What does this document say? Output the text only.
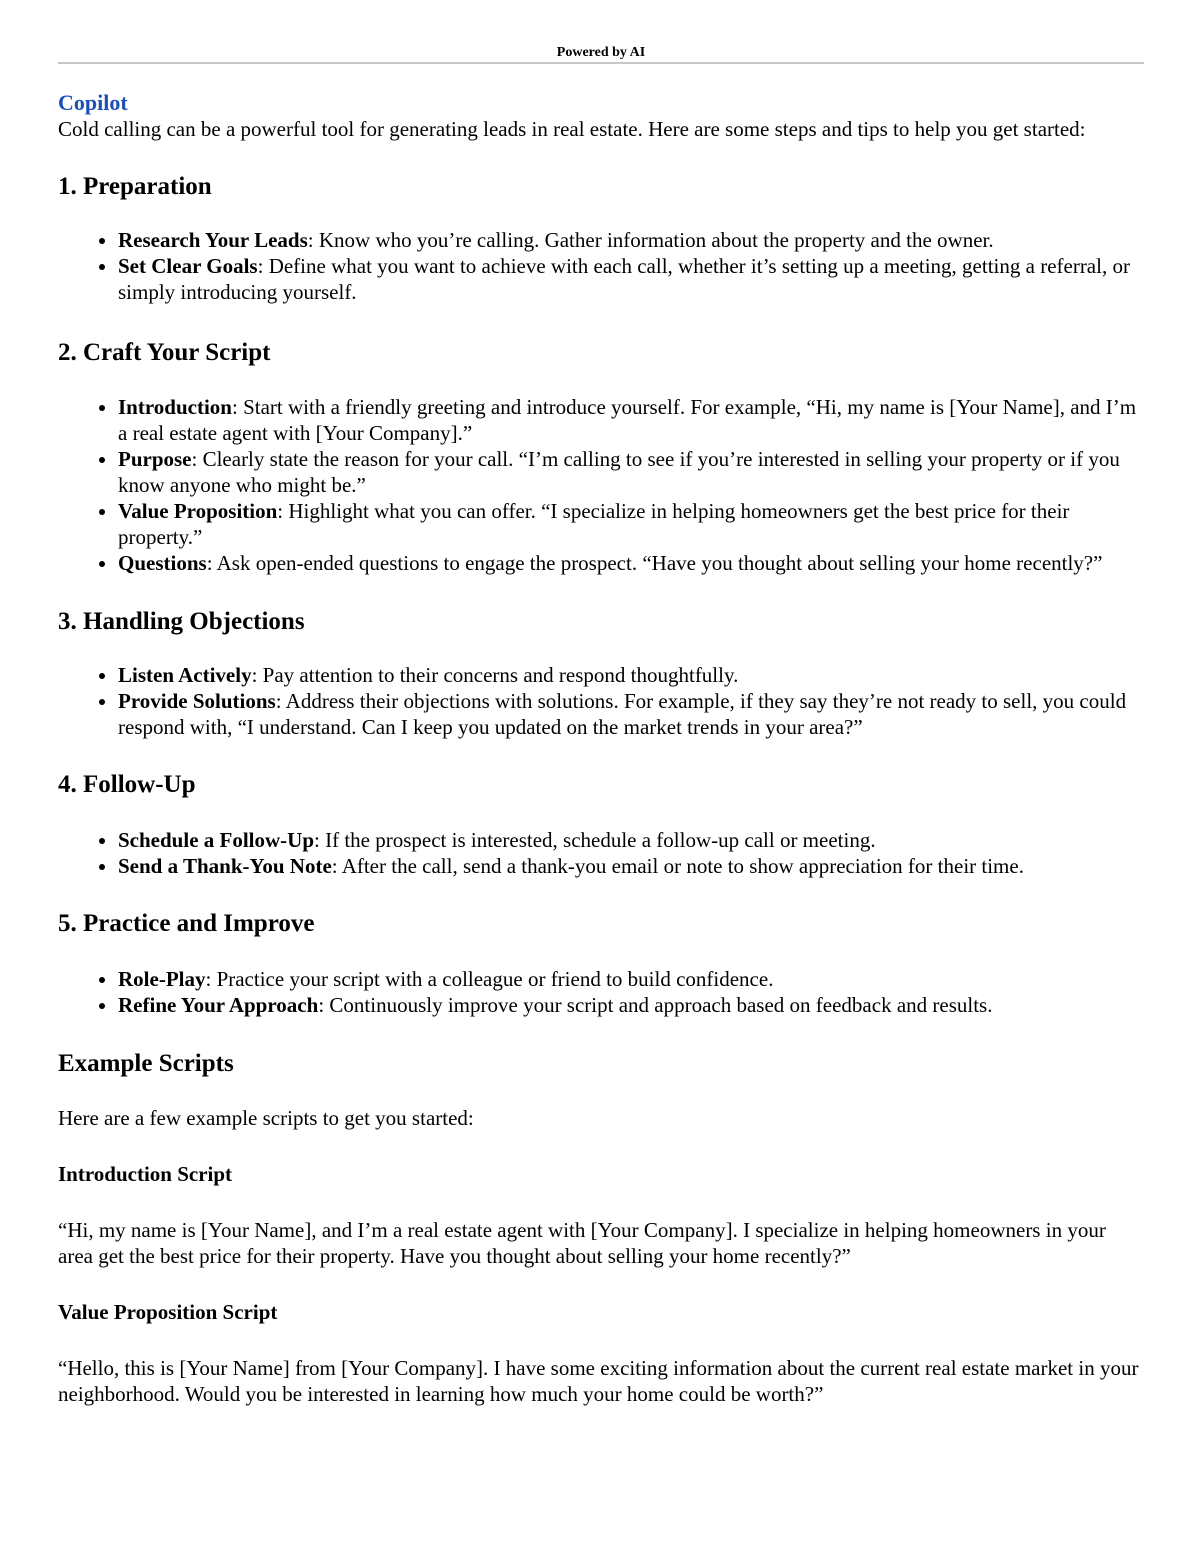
Powered by AI
Copilot

Cold calling can be a powerful tool for generating leads in real estate. Here are some steps and tips to help you get started:

1. Preparation
• Research Your Leads: Know who you’re calling. Gather information about the property and the owner.
• Set Clear Goals: Define what you want to achieve with each call, whether it’s setting up a meeting, getting a referral, or simply introducing yourself.
2. Craft Your Script
• Introduction: Start with a friendly greeting and introduce yourself. For example, “Hi, my name is [Your Name], and I’m a real estate agent with [Your Company].”
• Purpose: Clearly state the reason for your call. “I’m calling to see if you’re interested in selling your property or if you know anyone who might be.”
• Value Proposition: Highlight what you can offer. “I specialize in helping homeowners get the best price for their property.”
• Questions: Ask open-ended questions to engage the prospect. “Have you thought about selling your home recently?”
3. Handling Objections
• Listen Actively: Pay attention to their concerns and respond thoughtfully.
• Provide Solutions: Address their objections with solutions. For example, if they say they’re not ready to sell, you could respond with, “I understand. Can I keep you updated on the market trends in your area?”
4. Follow-Up
• Schedule a Follow-Up: If the prospect is interested, schedule a follow-up call or meeting.
• Send a Thank-You Note: After the call, send a thank-you email or note to show appreciation for their time.
5. Practice and Improve
• Role-Play: Practice your script with a colleague or friend to build confidence.
• Refine Your Approach: Continuously improve your script and approach based on feedback and results.
Example Scripts

Here are a few example scripts to get you started:

Introduction Script

“Hi, my name is [Your Name], and I’m a real estate agent with [Your Company]. I specialize in helping homeowners in your area get the best price for their property. Have you thought about selling your home recently?”

Value Proposition Script

“Hello, this is [Your Name] from [Your Company]. I have some exciting information about the current real estate market in your neighborhood. Would you be interested in learning how much your home could be worth?”
